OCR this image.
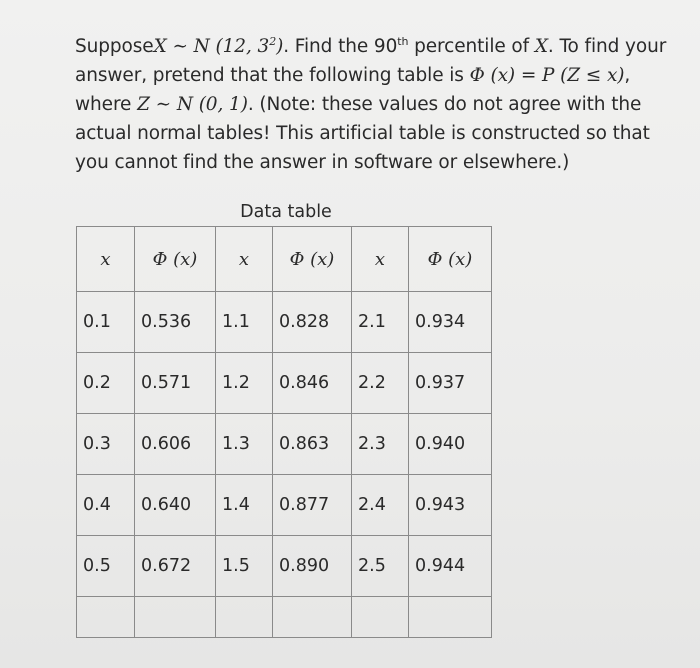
SupposeX ∼ N (12, $3^2$). Find the 90th percentile of X. To find your answer, pretend that the following table is Φ (x) = P (Z ≤ x), where Z ∼ N (0, 1). (Note: these values do not agree with the actual normal tables! This artificial table is constructed so that you cannot find the answer in software or elsewhere.)
Data table
x	Φ (x)	x	Φ (x)	x	Φ (x)
0.1	0.536	1.1	0.828	2.1	0.934
0.2	0.571	1.2	0.846	2.2	0.937
0.3	0.606	1.3	0.863	2.3	0.940
0.4	0.640	1.4	0.877	2.4	0.943
0.5	0.672	1.5	0.890	2.5	0.944
